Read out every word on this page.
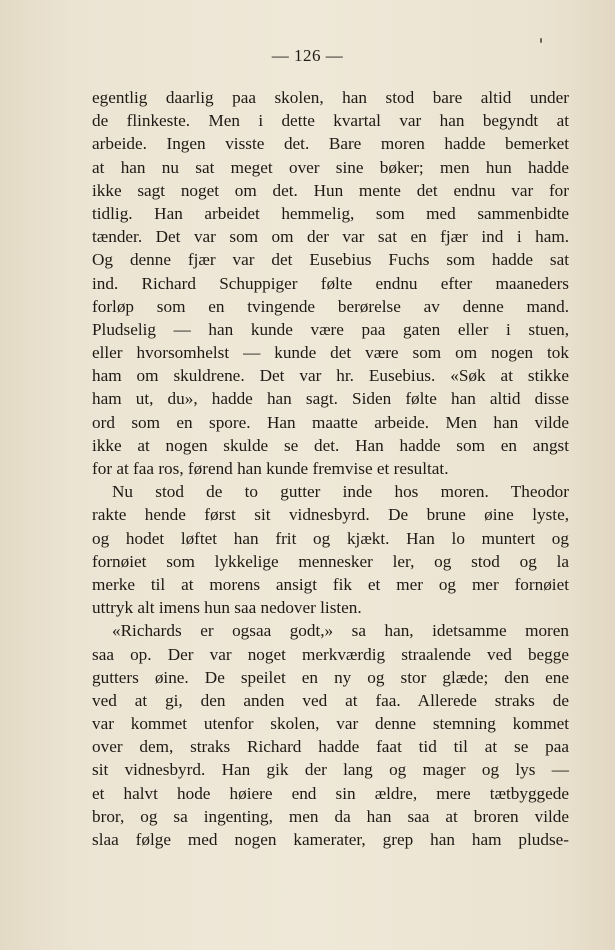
— 126 —
egentlig daarlig paa skolen, han stod bare altid under
de flinkeste. Men i dette kvartal var han begyndt at
arbeide. Ingen visste det. Bare moren hadde bemerket
at han nu sat meget over sine bøker; men hun hadde
ikke sagt noget om det. Hun mente det endnu var for
tidlig. Han arbeidet hemmelig, som med sammenbidte
tænder. Det var som om der var sat en fjær ind i ham.
Og denne fjær var det Eusebius Fuchs som hadde sat
ind. Richard Schuppiger følte endnu efter maaneders
forløp som en tvingende berørelse av denne mand.
Pludselig — han kunde være paa gaten eller i stuen,
eller hvorsomhelst — kunde det være som om nogen tok
ham om skuldrene. Det var hr. Eusebius. «Søk at stikke
ham ut, du», hadde han sagt. Siden følte han altid disse
ord som en spore. Han maatte arbeide. Men han vilde
ikke at nogen skulde se det. Han hadde som en angst
for at faa ros, førend han kunde fremvise et resultat.
Nu stod de to gutter inde hos moren. Theodor
rakte hende først sit vidnesbyrd. De brune øine lyste,
og hodet løftet han frit og kjækt. Han lo muntert og
fornøiet som lykkelige mennesker ler, og stod og la
merke til at morens ansigt fik et mer og mer fornøiet
uttryk alt imens hun saa nedover listen.
«Richards er ogsaa godt,» sa han, idetsamme moren
saa op. Der var noget merkværdig straalende ved begge
gutters øine. De speilet en ny og stor glæde; den ene
ved at gi, den anden ved at faa. Allerede straks de
var kommet utenfor skolen, var denne stemning kommet
over dem, straks Richard hadde faat tid til at se paa
sit vidnesbyrd. Han gik der lang og mager og lys —
et halvt hode høiere end sin ældre, mere tætbyggede
bror, og sa ingenting, men da han saa at broren vilde
slaa følge med nogen kamerater, grep han ham pludse-
